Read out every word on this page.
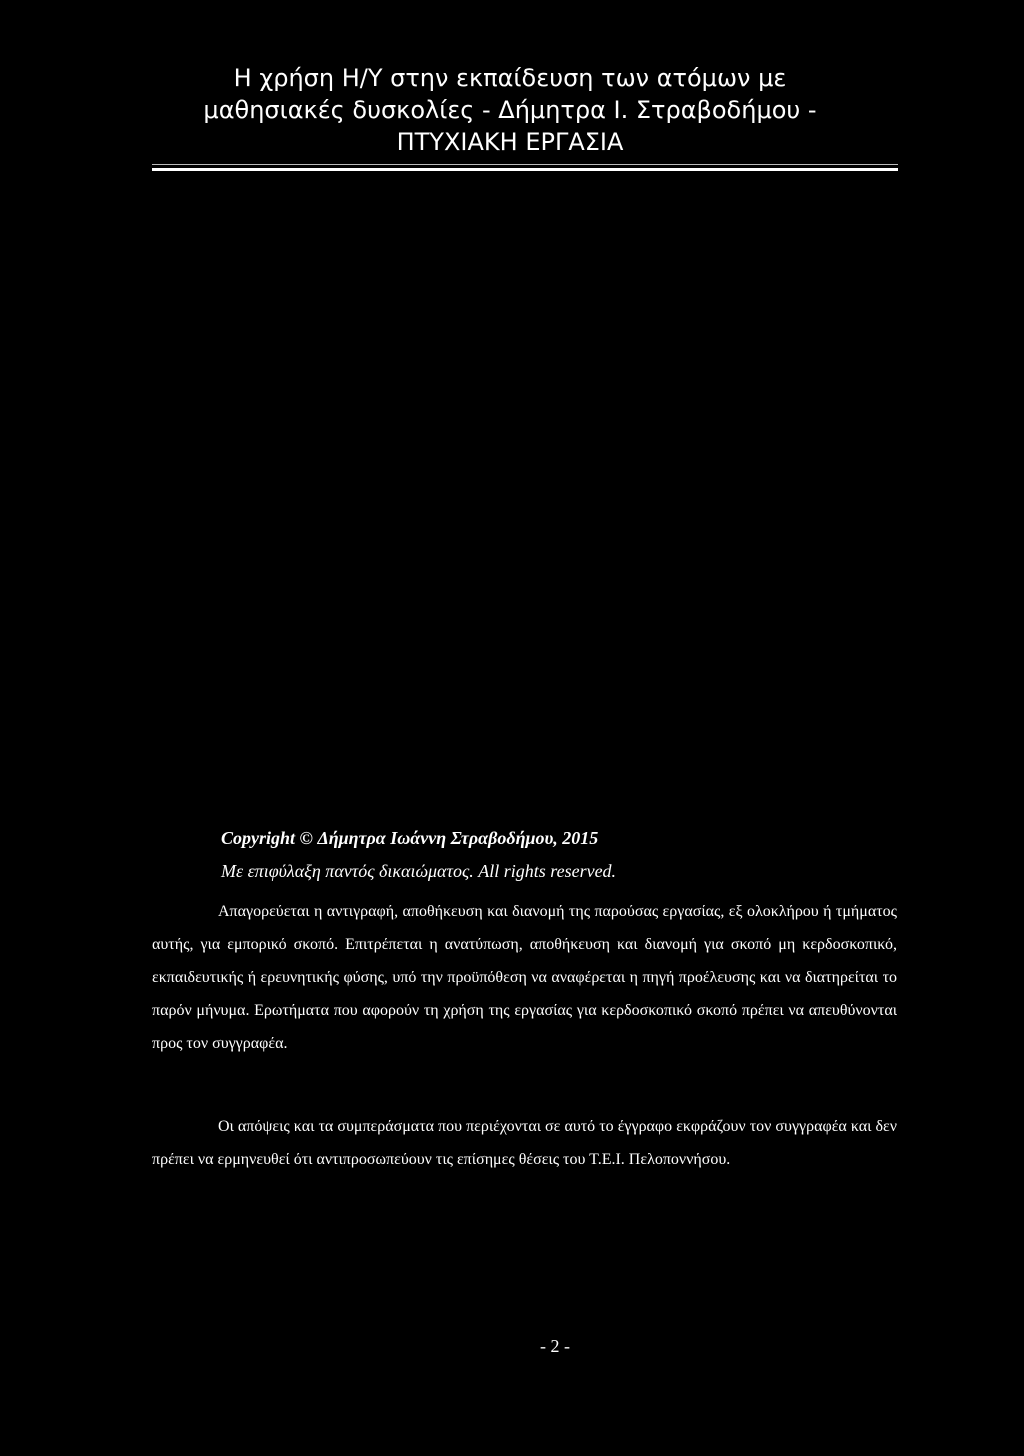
Η χρήση Η/Υ στην εκπαίδευση των ατόμων με μαθησιακές δυσκολίες - Δήμητρα Ι. Στραβοδήμου - ΠΤΥΧΙΑΚΗ ΕΡΓΑΣΙΑ
Copyright © Δήμητρα Ιωάννη Στραβοδήμου, 2015
Με επιφύλαξη παντός δικαιώματος. All rights reserved.

Απαγορεύεται η αντιγραφή, αποθήκευση και διανομή της παρούσας εργασίας, εξ ολοκλήρου ή τμήματος αυτής, για εμπορικό σκοπό. Επιτρέπεται η ανατύπωση, αποθήκευση και διανομή για σκοπό μη κερδοσκοπικό, εκπαιδευτικής ή ερευνητικής φύσης, υπό την προϋπόθεση να αναφέρεται η πηγή προέλευσης και να διατηρείται το παρόν μήνυμα. Ερωτήματα που αφορούν τη χρήση της εργασίας για κερδοσκοπικό σκοπό πρέπει να απευθύνονται προς τον συγγραφέα.

Οι απόψεις και τα συμπεράσματα που περιέχονται σε αυτό το έγγραφο εκφράζουν τον συγγραφέα και δεν πρέπει να ερμηνευθεί ότι αντιπροσωπεύουν τις επίσημες θέσεις του Τ.Ε.Ι. Πελοποννήσου.

- 2 -
